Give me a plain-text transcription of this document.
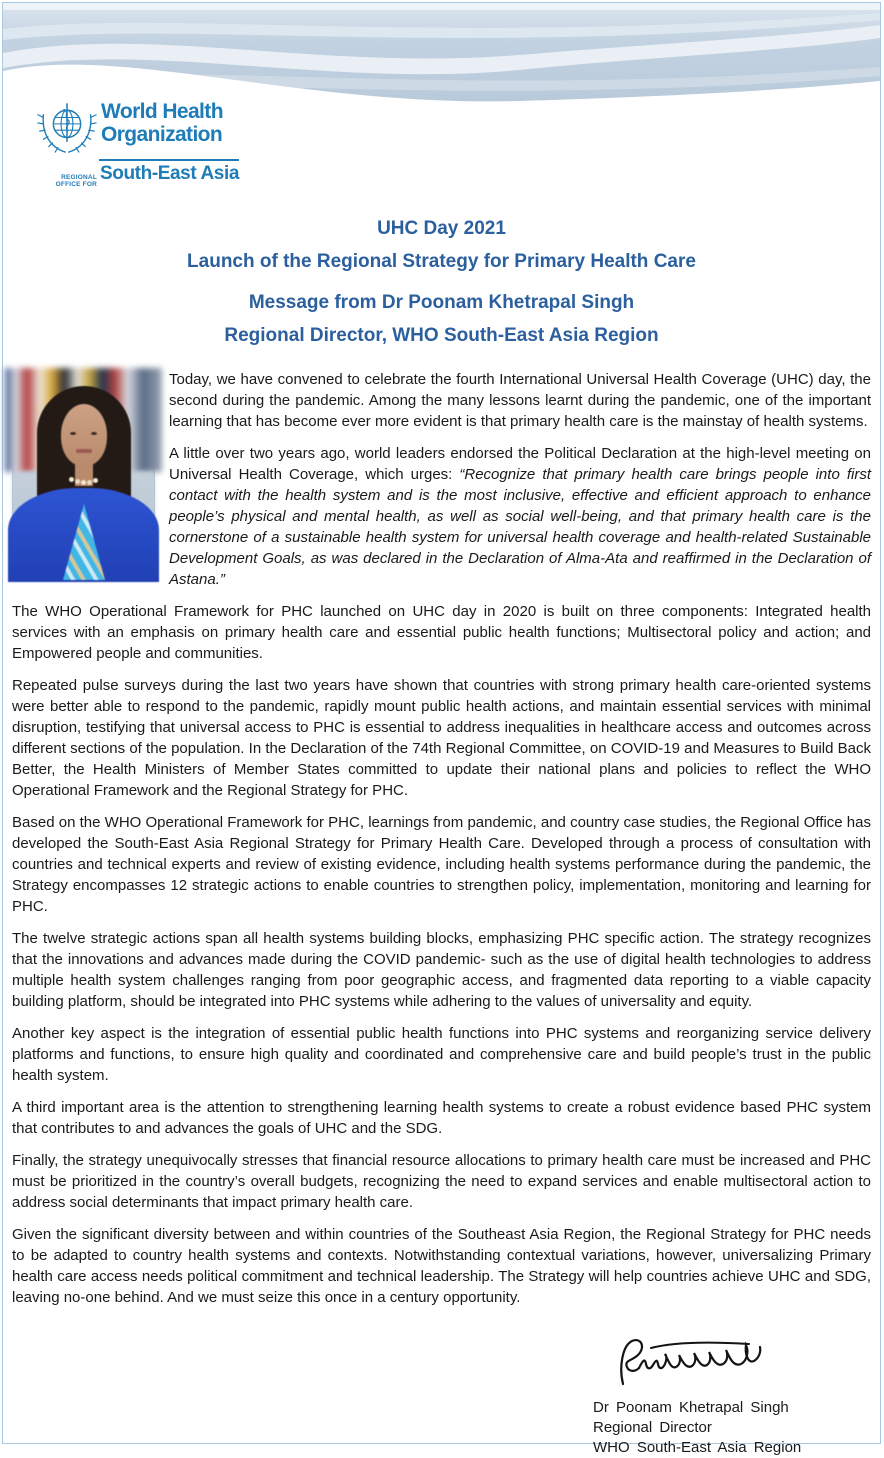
World Health
Organization
REGIONAL OFFICE FOR
South-East Asia
UHC Day 2021
Launch of the Regional Strategy for Primary Health Care
Message from Dr Poonam Khetrapal Singh
Regional Director, WHO South-East Asia Region

Today, we have convened to celebrate the fourth International Universal Health Coverage (UHC) day, the second during the pandemic. Among the many lessons learnt during the pandemic, one of the important learning that has become ever more evident is that primary health care is the mainstay of health systems.

A little over two years ago, world leaders endorsed the Political Declaration at the high-level meeting on Universal Health Coverage, which urges: “Recognize that primary health care brings people into first contact with the health system and is the most inclusive, effective and efficient approach to enhance people’s physical and mental health, as well as social well-being, and that primary health care is the cornerstone of a sustainable health system for universal health coverage and health-related Sustainable Development Goals, as was declared in the Declaration of Alma-Ata and reaffirmed in the Declaration of Astana.”

The WHO Operational Framework for PHC launched on UHC day in 2020 is built on three components: Integrated health services with an emphasis on primary health care and essential public health functions; Multisectoral policy and action; and Empowered people and communities.

Repeated pulse surveys during the last two years have shown that countries with strong primary health care-oriented systems were better able to respond to the pandemic, rapidly mount public health actions, and maintain essential services with minimal disruption, testifying that universal access to PHC is essential to address inequalities in healthcare access and outcomes across different sections of the population. In the Declaration of the 74th Regional Committee, on COVID-19 and Measures to Build Back Better, the Health Ministers of Member States committed to update their national plans and policies to reflect the WHO Operational Framework and the Regional Strategy for PHC.

Based on the WHO Operational Framework for PHC, learnings from pandemic, and country case studies, the Regional Office has developed the South-East Asia Regional Strategy for Primary Health Care. Developed through a process of consultation with countries and technical experts and review of existing evidence, including health systems performance during the pandemic, the Strategy encompasses 12 strategic actions to enable countries to strengthen policy, implementation, monitoring and learning for PHC.

The twelve strategic actions span all health systems building blocks, emphasizing PHC specific action. The strategy recognizes that the innovations and advances made during the COVID pandemic- such as the use of digital health technologies to address multiple health system challenges ranging from poor geographic access, and fragmented data reporting to a viable capacity building platform, should be integrated into PHC systems while adhering to the values of universality and equity.

Another key aspect is the integration of essential public health functions into PHC systems and reorganizing service delivery platforms and functions, to ensure high quality and coordinated and comprehensive care and build people’s trust in the public health system.

A third important area is the attention to strengthening learning health systems to create a robust evidence based PHC system that contributes to and advances the goals of UHC and the SDG.

Finally, the strategy unequivocally stresses that financial resource allocations to primary health care must be increased and PHC must be prioritized in the country’s overall budgets, recognizing the need to expand services and enable multisectoral action to address social determinants that impact primary health care.

Given the significant diversity between and within countries of the Southeast Asia Region, the Regional Strategy for PHC needs to be adapted to country health systems and contexts. Notwithstanding contextual variations, however, universalizing Primary health care access needs political commitment and technical leadership. The Strategy will help countries achieve UHC and SDG, leaving no-one behind. And we must seize this once in a century opportunity.

Dr Poonam Khetrapal Singh
Regional Director
WHO South-East Asia Region
